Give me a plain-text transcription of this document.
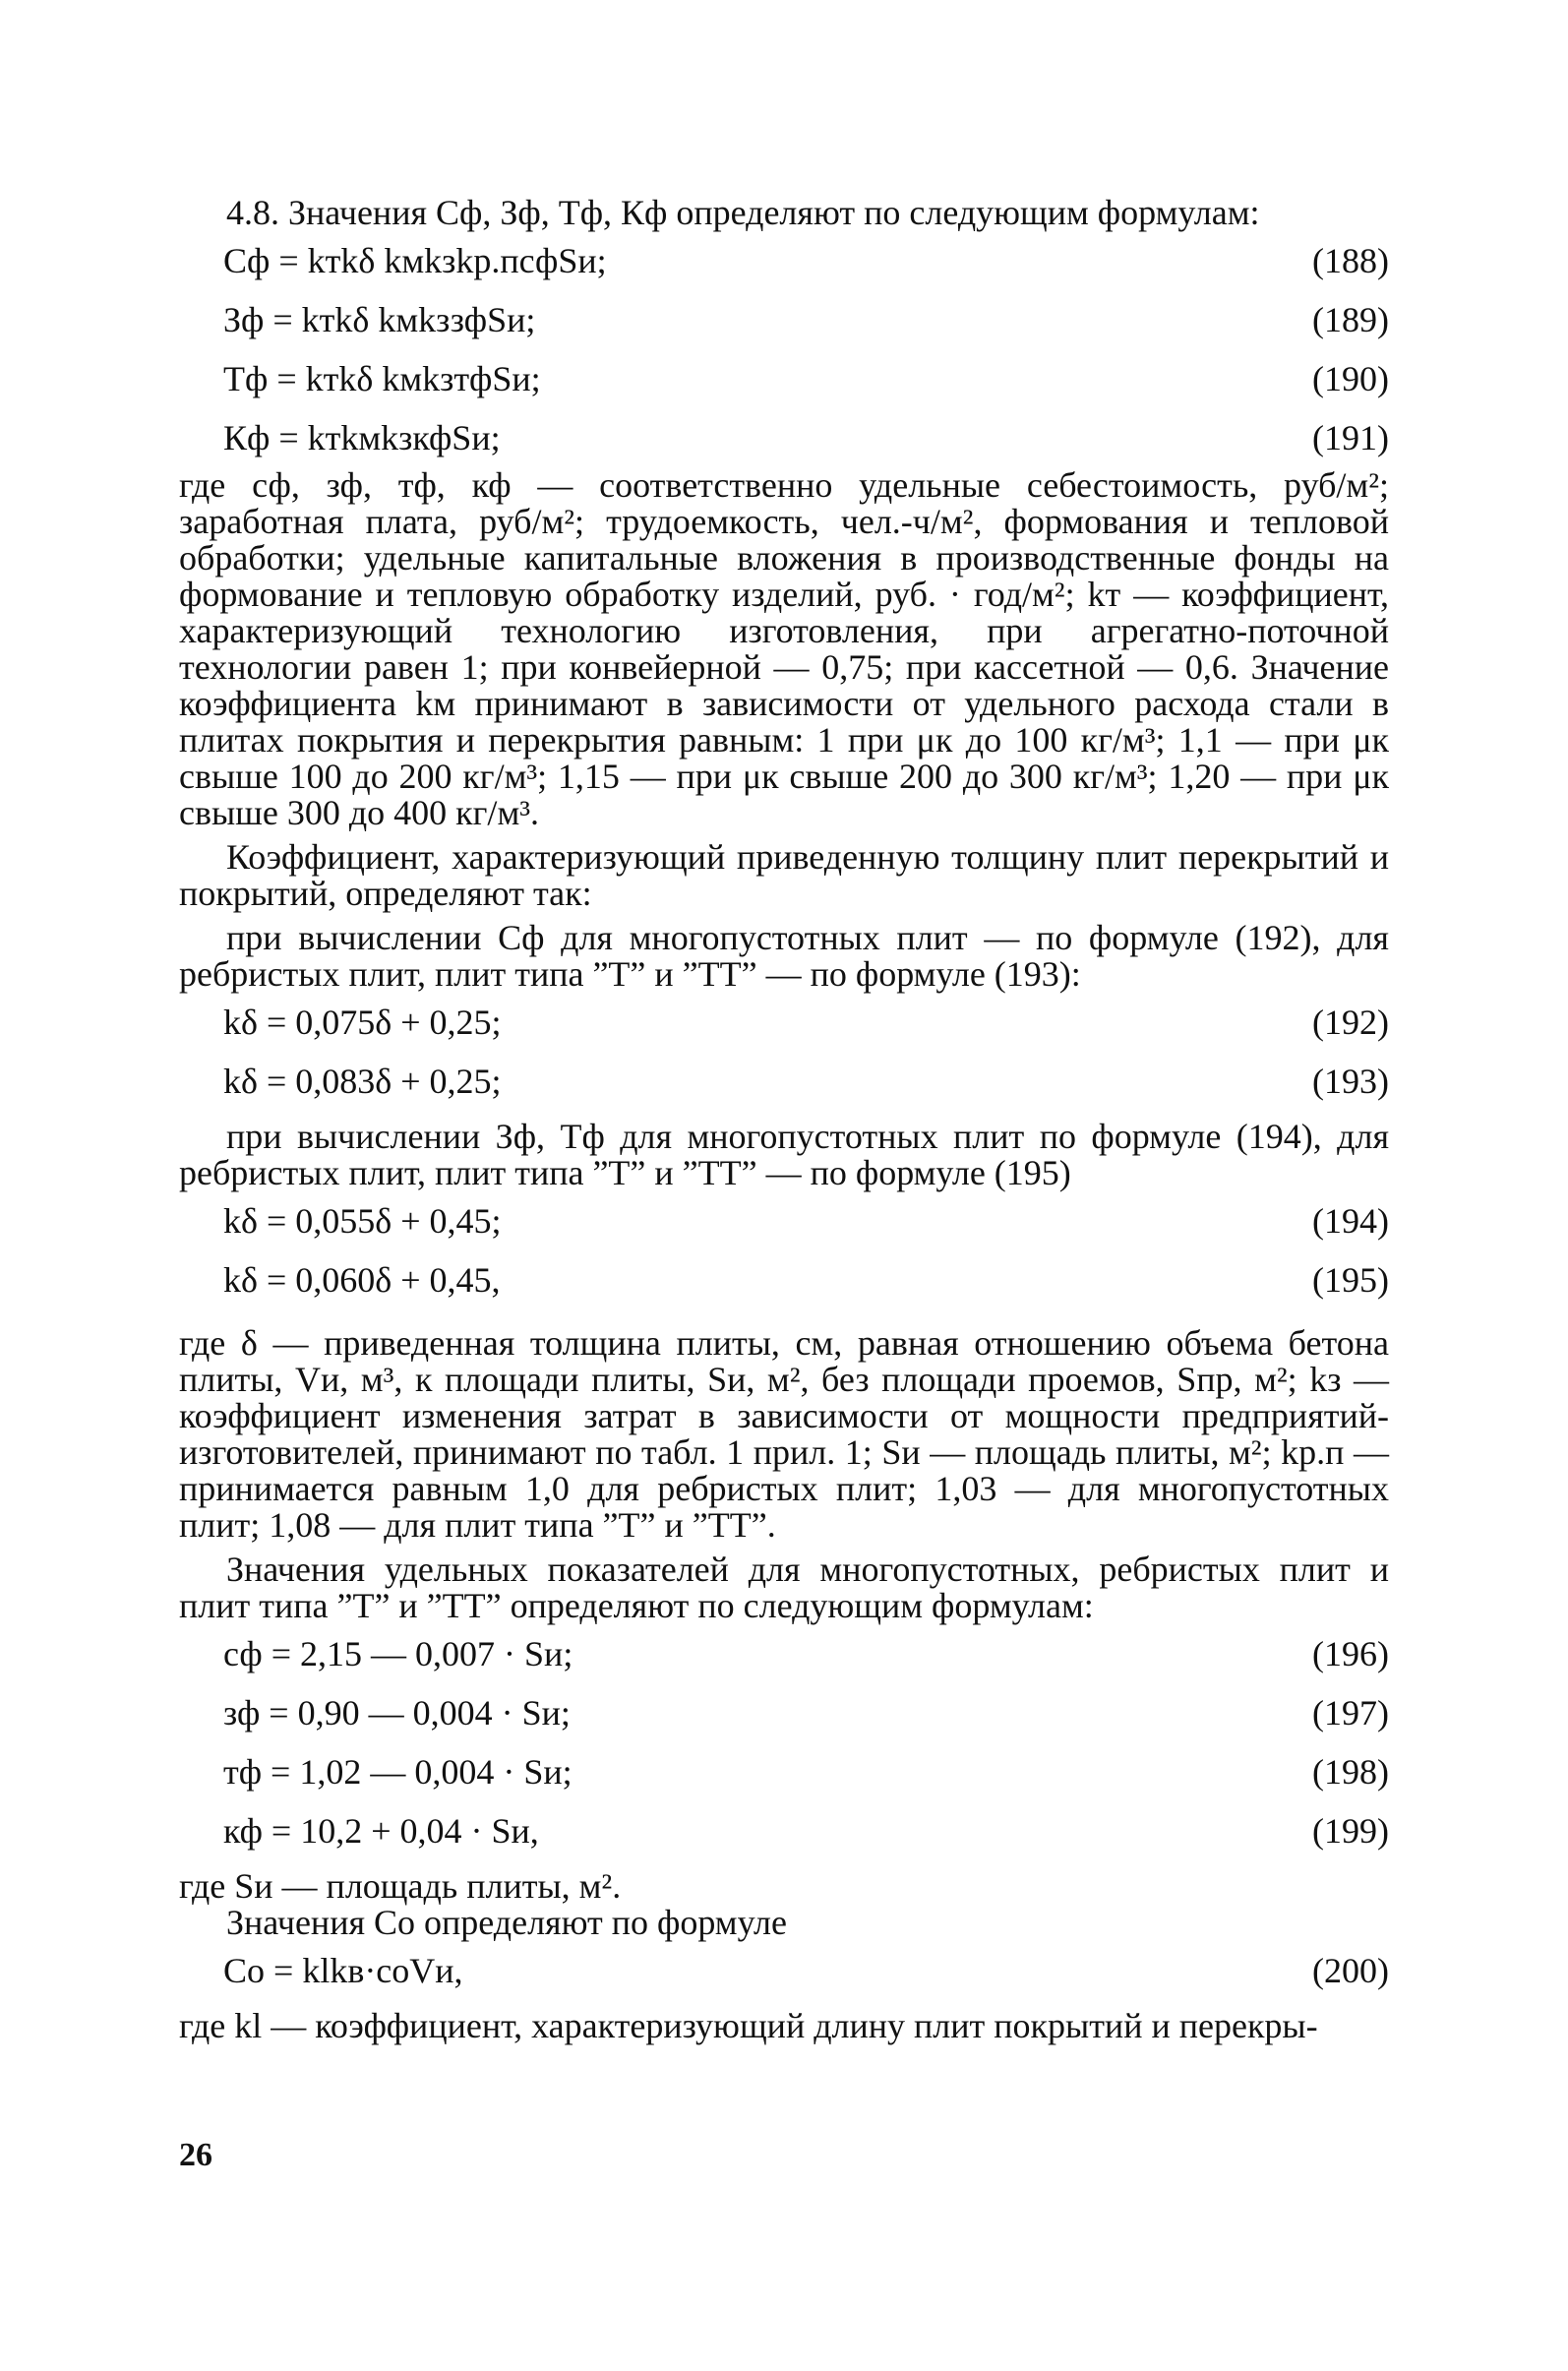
4.8. Значения Сф, Зф, Тф, Кф определяют по следующим формулам:

Сф = kтkδ kмkзkр.псфSи;	(188)
Зф = kтkδ kмkззфSи;	(189)
Тф = kтkδ kмkзтфSи;	(190)
Кф = kтkмkзкфSи;	(191)

где сф, зф, тф, кф — соответственно удельные себестоимость, руб/м²; заработная плата, руб/м²; трудоемкость, чел.-ч/м², формования и тепловой обработки; удельные капитальные вложения в производственные фонды на формование и тепловую обработку изделий, руб. · год/м²; kт — коэффициент, характеризующий технологию изготовления, при агрегатно-поточной технологии равен 1; при конвейерной — 0,75; при кассетной — 0,6. Значение коэффициента kм принимают в зависимости от удельного расхода стали в плитах покрытия и перекрытия равным: 1 при μк до 100 кг/м³; 1,1 — при μк свыше 100 до 200 кг/м³; 1,15 — при μк свыше 200 до 300 кг/м³; 1,20 — при μк свыше 300 до 400 кг/м³.

Коэффициент, характеризующий приведенную толщину плит перекрытий и покрытий, определяют так:

при вычислении Сф для многопустотных плит — по формуле (192), для ребристых плит, плит типа ”Т” и ”ТТ” — по формуле (193):

kδ = 0,075δ + 0,25;	(192)
kδ = 0,083δ + 0,25;	(193)

при вычислении Зф, Тф для многопустотных плит по формуле (194), для ребристых плит, плит типа ”Т” и ”ТТ” — по формуле (195)

kδ = 0,055δ + 0,45;	(194)
kδ = 0,060δ + 0,45,	(195)

где δ — приведенная толщина плиты, см, равная отношению объема бетона плиты, Vи, м³, к площади плиты, Sи, м², без площади проемов, Sпр, м²; kз — коэффициент изменения затрат в зависимости от мощности предприятий-изготовителей, принимают по табл. 1 прил. 1; Sи — площадь плиты, м²; kр.п — принимается равным 1,0 для ребристых плит; 1,03 — для многопустотных плит; 1,08 — для плит типа ”Т” и ”ТТ”.

Значения удельных показателей для многопустотных, ребристых плит и плит типа ”Т” и ”ТТ” определяют по следующим формулам:

сф = 2,15 — 0,007 · Sи;	(196)
зф = 0,90 — 0,004 · Sи;	(197)
тф = 1,02 — 0,004 · Sи;	(198)
кф = 10,2 + 0,04 · Sи,	(199)

где Sи — площадь плиты, м².

Значения Со определяют по формуле

Со = klkв·coVи,	(200)

где kl — коэффициент, характеризующий длину плит покрытий и перекры-

26
